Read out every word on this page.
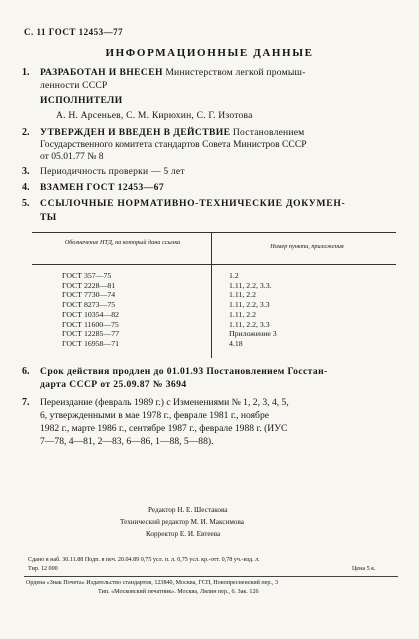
С. 11 ГОСТ 12453—77
ИНФОРМАЦИОННЫЕ ДАННЫЕ
1. РАЗРАБОТАН И ВНЕСЕН Министерством легкой промыш-
ленности СССР
ИСПОЛНИТЕЛИ
А. Н. Арсеньев, С. М. Кирюхин, С. Г. Изотова
2. УТВЕРЖДЕН И ВВЕДЕН В ДЕЙСТВИЕ Постановлением
Государственного комитета стандартов Совета Министров СССР
от 05.01.77 № 8
3. Периодичность проверки — 5 лет
4. ВЗАМЕН ГОСТ 12453—67
5. ССЫЛОЧНЫЕ НОРМАТИВНО-ТЕХНИЧЕСКИЕ ДОКУМЕН-
ТЫ
Обозначение НТД, на который дана ссылка
Номер пункта, приложения
ГОСТ 357—75	1.2
ГОСТ 2228—81	1.11, 2.2, 3.3.
ГОСТ 7730—74	1.11, 2.2
ГОСТ 8273—75	1.11, 2.2, 3.3
ГОСТ 10354—82	1.11, 2.2
ГОСТ 11600—75	1.11, 2.2, 3.3
ГОСТ 12285—77	Приложение 3
ГОСТ 16958—71	4.18
6. Срок действия продлен до 01.01.93 Постановлением Госстан-
дарта СССР от 25.09.87 № 3694
7. Переиздание (февраль 1989 г.) с Изменениями № 1, 2, 3, 4, 5,
6, утвержденными в мае 1978 г., феврале 1981 г., ноябре
1982 г., марте 1986 г., сентябре 1987 г., феврале 1988 г. (ИУС
7—78, 4—81, 2—83, 6—86, 1—88, 5—88).
Редактор Н. Е. Шестакова
Технический редактор М. И. Максимова
Корректор Е. И. Евтеева
Сдано в наб. 30.11.88 Подп. в печ. 20.04.89 0,75 усл. п. л. 0,75 усл. кр.-отт. 0,78 уч.-изд. л.
Тир. 12 000	Цена 5 к.
Ордена «Знак Почета» Издательство стандартов, 123840, Москва, ГСП, Новопресненский пер., 3
Тип. «Московский печатник». Москва, Лялин пер., 6. Зак. 126
